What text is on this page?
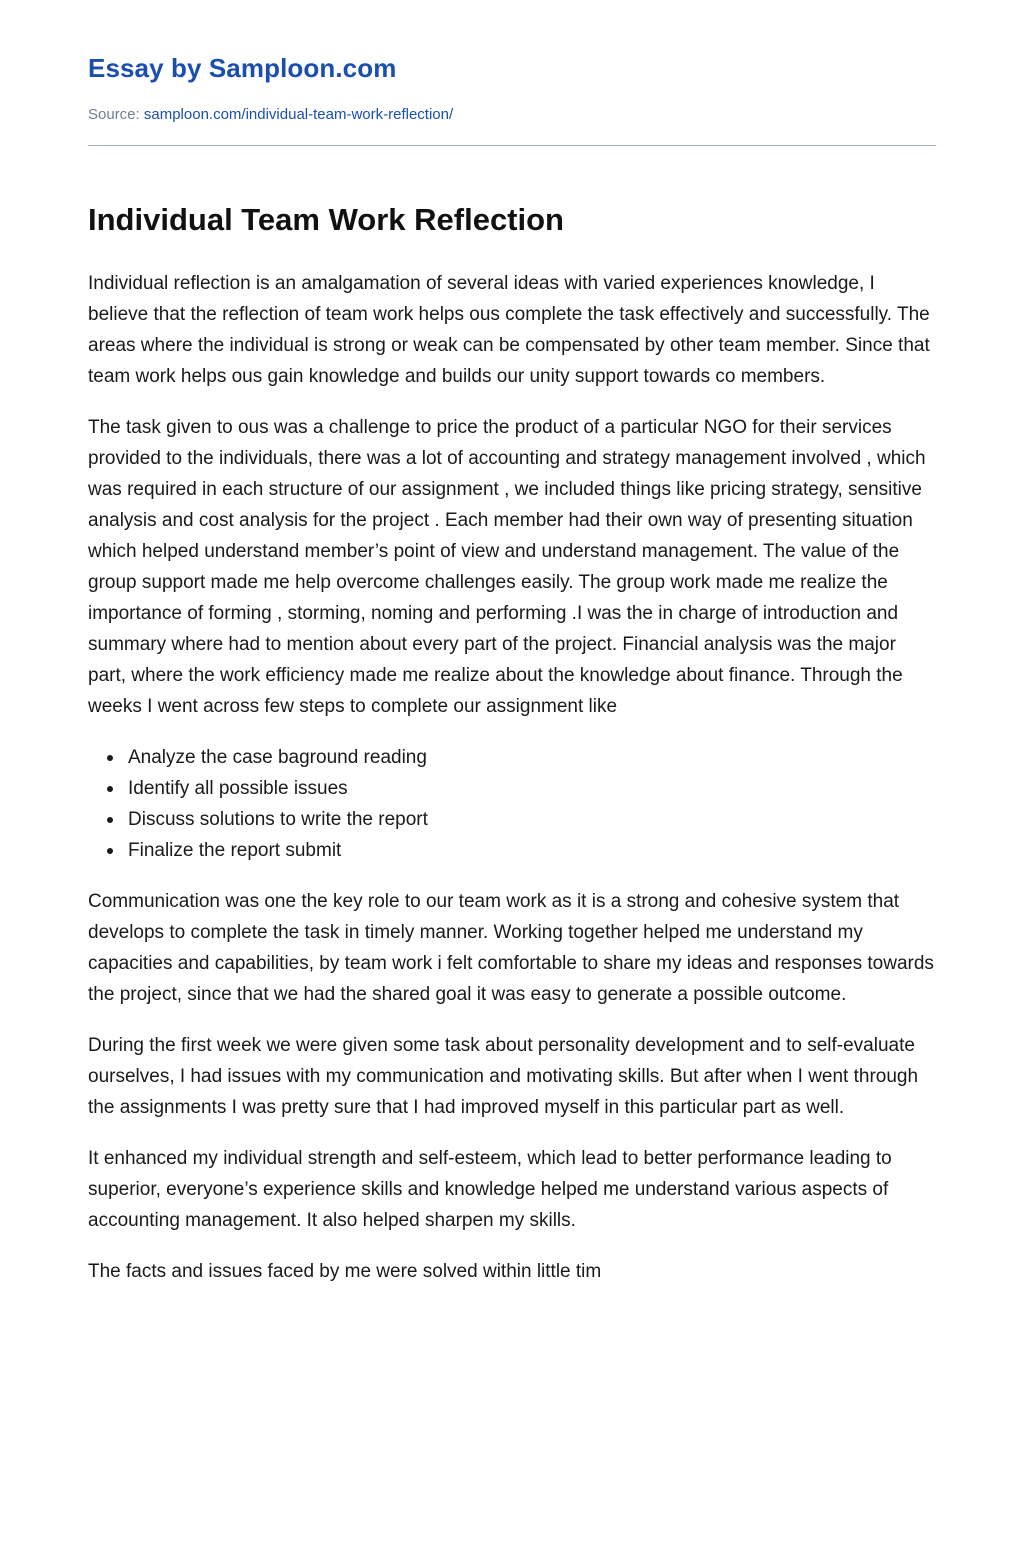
Essay by Samploon.com
Source: samploon.com/individual-team-work-reflection/
Individual Team Work Reflection

Individual reflection is an amalgamation of several ideas with varied experiences knowledge, I believe that the reflection of team work helps ous complete the task effectively and successfully. The areas where the individual is strong or weak can be compensated by other team member. Since that team work helps ous gain knowledge and builds our unity support towards co members.

The task given to ous was a challenge to price the product of a particular NGO for their services provided to the individuals, there was a lot of accounting and strategy management involved , which was required in each structure of our assignment , we included things like pricing strategy, sensitive analysis and cost analysis for the project . Each member had their own way of presenting situation which helped understand member’s point of view and understand management. The value of the group support made me help overcome challenges easily. The group work made me realize the importance of forming , storming, noming and performing .I was the in charge of introduction and summary where had to mention about every part of the project. Financial analysis was the major part, where the work efficiency made me realize about the knowledge about finance. Through the weeks I went across few steps to complete our assignment like

Analyze the case baground reading
Identify all possible issues
Discuss solutions to write the report
Finalize the report submit

Communication was one the key role to our team work as it is a strong and cohesive system that develops to complete the task in timely manner. Working together helped me understand my capacities and capabilities, by team work i felt comfortable to share my ideas and responses towards the project, since that we had the shared goal it was easy to generate a possible outcome.

During the first week we were given some task about personality development and to self-evaluate ourselves, I had issues with my communication and motivating skills. But after when I went through the assignments I was pretty sure that I had improved myself in this particular part as well.

It enhanced my individual strength and self-esteem, which lead to better performance leading to superior, everyone’s experience skills and knowledge helped me understand various aspects of accounting management. It also helped sharpen my skills.

The facts and issues faced by me were solved within little tim
